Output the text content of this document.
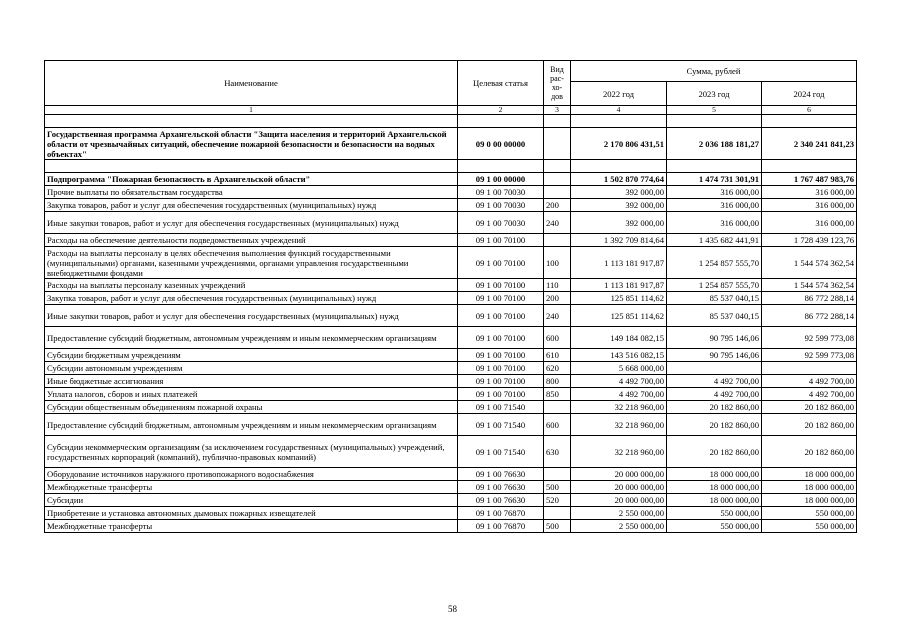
Наименование	Целевая статья	Вид
рас-
хо-
дов	Сумма, рублей		
			2022 год	2023 год	2024 год
1	2	3	4	5	6

Государственная программа Архангельской области "Защита населения и территорий Архангельской области от чрезвычайных ситуаций, обеспечение пожарной безопасности и безопасности на водных объектах"	09 0 00 00000		2 170 806 431,51	2 036 188 181,27	2 340 241 841,23

Подпрограмма "Пожарная безопасность в Архангельской области"	09 1 00 00000		1 502 870 774,64	1 474 731 301,91	1 767 487 983,76
Прочие выплаты по обязательствам государства	09 1 00 70030		392 000,00	316 000,00	316 000,00
Закупка товаров, работ и услуг для обеспечения государственных (муниципальных) нужд	09 1 00 70030	200	392 000,00	316 000,00	316 000,00
Иные закупки товаров, работ и услуг для обеспечения государственных (муниципальных) нужд	09 1 00 70030	240	392 000,00	316 000,00	316 000,00
Расходы на обеспечение деятельности подведомственных учреждений	09 1 00 70100		1 392 709 814,64	1 435 682 441,91	1 728 439 123,76
Расходы на выплаты персоналу в целях обеспечения выполнения функций государственными (муниципальными) органами, казенными учреждениями, органами управления государственными внебюджетными фондами	09 1 00 70100	100	1 113 181 917,87	1 254 857 555,70	1 544 574 362,54
Расходы на выплаты персоналу казенных учреждений	09 1 00 70100	110	1 113 181 917,87	1 254 857 555,70	1 544 574 362,54
Закупка товаров, работ и услуг для обеспечения государственных (муниципальных) нужд	09 1 00 70100	200	125 851 114,62	85 537 040,15	86 772 288,14
Иные закупки товаров, работ и услуг для обеспечения государственных (муниципальных) нужд	09 1 00 70100	240	125 851 114,62	85 537 040,15	86 772 288,14
Предоставление субсидий бюджетным, автономным учреждениям и иным некоммерческим организациям	09 1 00 70100	600	149 184 082,15	90 795 146,06	92 599 773,08
Субсидии бюджетным учреждениям	09 1 00 70100	610	143 516 082,15	90 795 146,06	92 599 773,08
Субсидии автономным учреждениям	09 1 00 70100	620	5 668 000,00		
Иные бюджетные ассигнования	09 1 00 70100	800	4 492 700,00	4 492 700,00	4 492 700,00
Уплата налогов, сборов и иных платежей	09 1 00 70100	850	4 492 700,00	4 492 700,00	4 492 700,00
Субсидии общественным объединениям пожарной охраны	09 1 00 71540		32 218 960,00	20 182 860,00	20 182 860,00
Предоставление субсидий бюджетным, автономным учреждениям и иным некоммерческим организациям	09 1 00 71540	600	32 218 960,00	20 182 860,00	20 182 860,00
Субсидии некоммерческим организациям (за исключением государственных (муниципальных) учреждений, государственных корпораций (компаний), публично-правовых компаний)	09 1 00 71540	630	32 218 960,00	20 182 860,00	20 182 860,00
Оборудование источников наружного противопожарного водоснабжения	09 1 00 76630		20 000 000,00	18 000 000,00	18 000 000,00
Межбюджетные трансферты	09 1 00 76630	500	20 000 000,00	18 000 000,00	18 000 000,00
Субсидии	09 1 00 76630	520	20 000 000,00	18 000 000,00	18 000 000,00
Приобретение и установка автономных дымовых пожарных извещателей	09 1 00 76870		2 550 000,00	550 000,00	550 000,00
Межбюджетные трансферты	09 1 00 76870	500	2 550 000,00	550 000,00	550 000,00
58
